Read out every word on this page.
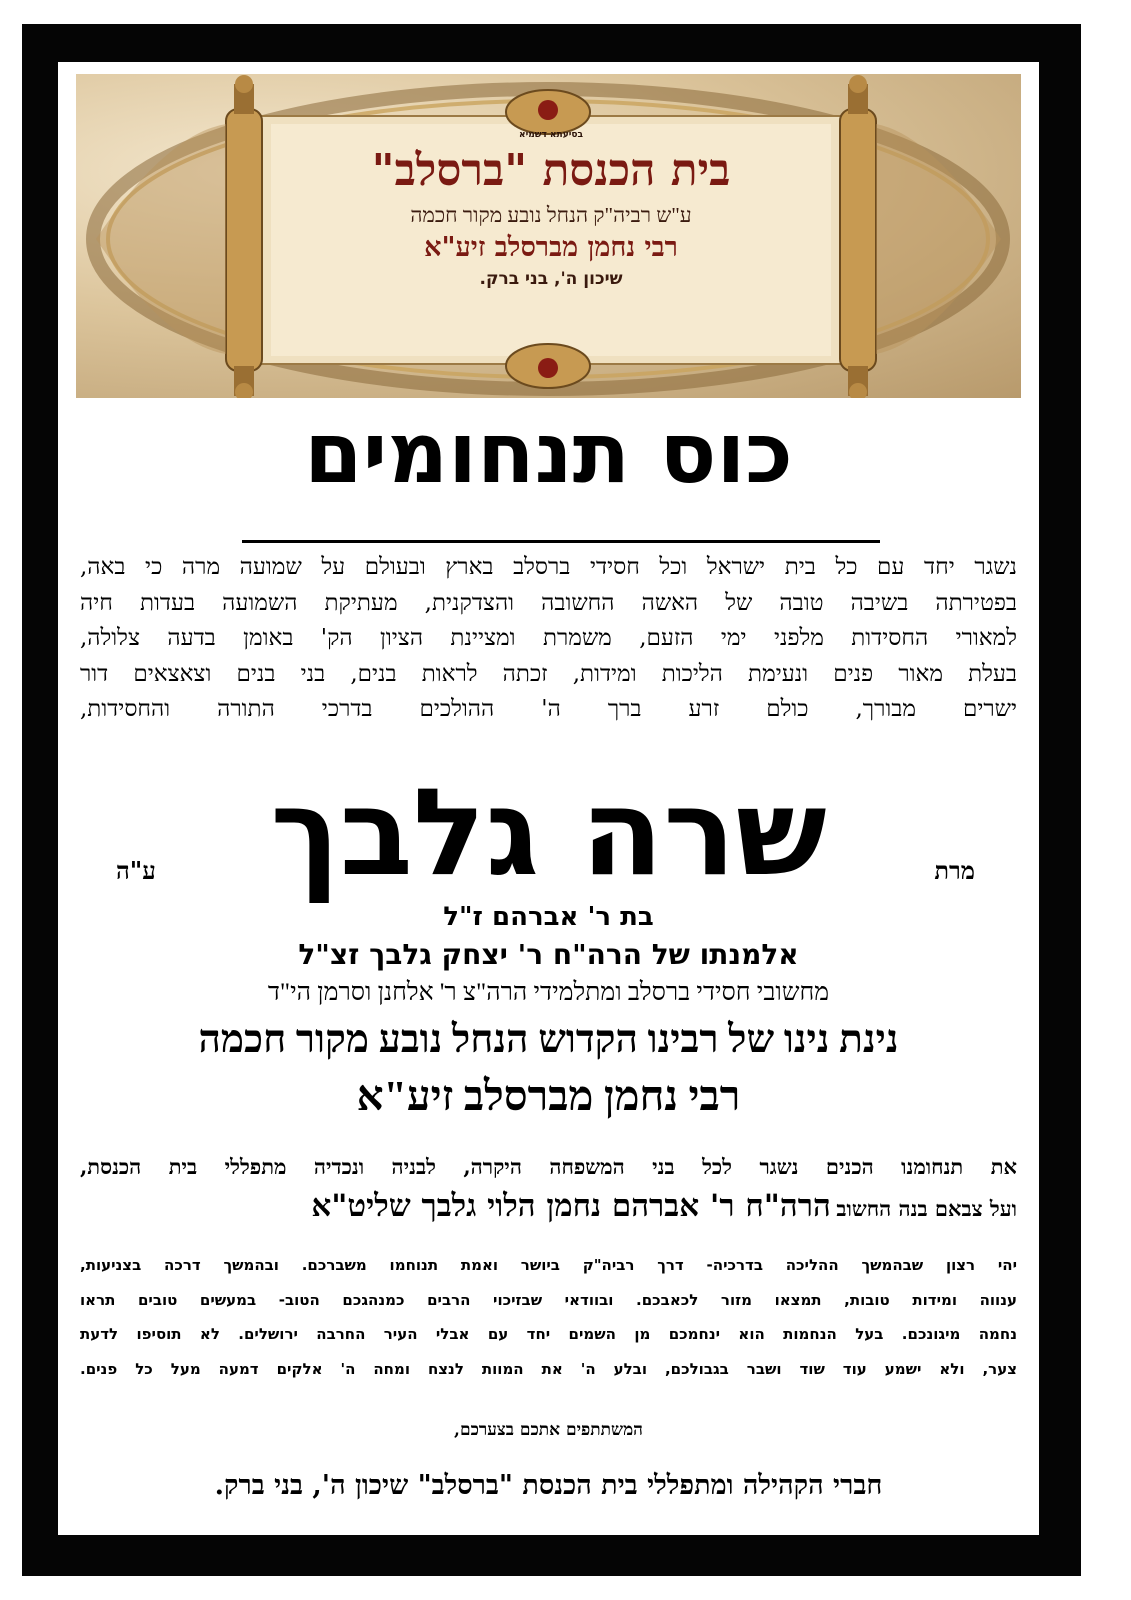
בסיעתא דשמיא
בית הכנסת "ברסלב"
ע"ש רביה"ק הנחל נובע מקור חכמה
רבי נחמן מברסלב זיע"א
שיכון ה', בני ברק.
כוס תנחומים
נשגר יחד עם כל בית ישראל וכל חסידי ברסלב בארץ ובעולם על שמועה מרה כי באה,
בפטירתה בשיבה טובה של האשה החשובה והצדקנית, מעתיקת השמועה בעדות חיה
למאורי החסידות מלפני ימי הזעם, משמרת ומציינת הציון הק' באומן בדעה צלולה,
בעלת מאור פנים ונעימת הליכות ומידות, זכתה לראות בנים, בני בנים וצאצאים דור
ישרים מבורך, כולם זרע ברך ה' ההולכים בדרכי התורה והחסידות,
מרת
שרה גלבך
ע"ה
בת ר' אברהם ז"ל
אלמנתו של הרה"ח ר' יצחק גלבך זצ"ל
מחשובי חסידי ברסלב ומתלמידי הרה"צ ר' אלחנן וסרמן הי"ד
נינת נינו של רבינו הקדוש הנחל נובע מקור חכמה
רבי נחמן מברסלב זיע"א
את תנחומנו הכנים נשגר לכל בני המשפחה היקרה, לבניה ונכדיה מתפללי בית הכנסת,
ועל צבאם בנה החשוב הרה"ח ר' אברהם נחמן הלוי גלבך שליט"א
יהי רצון שבהמשך ההליכה בדרכיה- דרך רביה"ק ביושר ואמת תנוחמו משברכם. ובהמשך דרכה בצניעות,
ענווה ומידות טובות, תמצאו מזור לכאבכם. ובוודאי שבזיכוי הרבים כמנהגכם הטוב- במעשים טובים תראו
נחמה מיגונכם. בעל הנחמות הוא ינחמכם מן השמים יחד עם אבלי העיר החרבה ירושלים. לא תוסיפו לדעת
צער, ולא ישמע עוד שוד ושבר בגבולכם, ובלע ה' את המוות לנצח ומחה ה' אלקים דמעה מעל כל פנים.
המשתתפים אתכם בצערכם,
חברי הקהילה ומתפללי בית הכנסת "ברסלב" שיכון ה', בני ברק.
